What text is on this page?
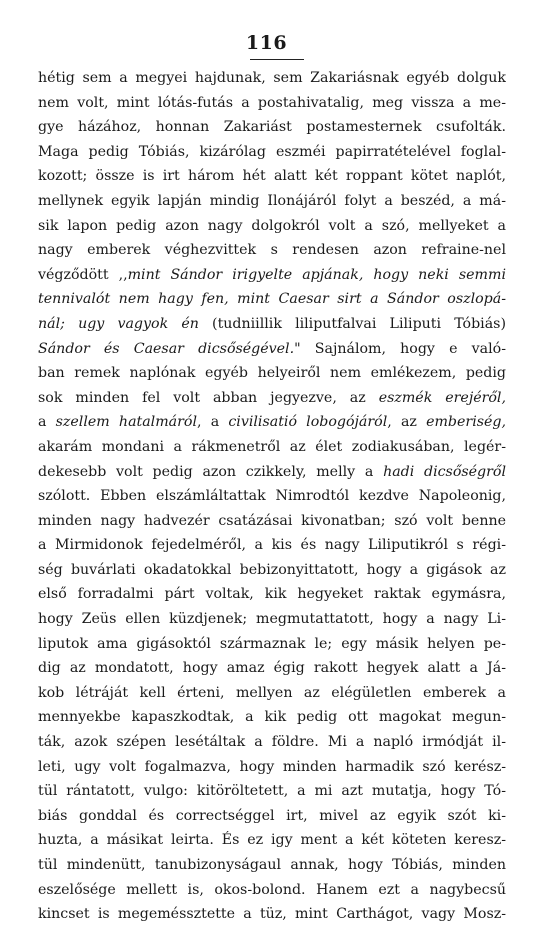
116
hétig sem a megyei hajdunak, sem Zakariásnak egyéb dolguk
nem volt, mint lótás-futás a postahivatalig, meg vissza a me-
gye házához, honnan Zakariást postamesternek csufolták.
Maga pedig Tóbiás, kizárólag eszméi papirratételével foglal-
kozott; össze is irt három hét alatt két roppant kötet naplót,
mellynek egyik lapján mindig Ilonájáról folyt a beszéd, a má-
sik lapon pedig azon nagy dolgokról volt a szó, mellyeket a
nagy emberek véghezvittek s rendesen azon refraine-nel
végződött ,,mint Sándor irigyelte apjának, hogy neki semmi
tennivalót nem hagy fen, mint Caesar sirt a Sándor oszlopá-
nál; ugy vagyok én (tudniillik liliputfalvai Liliputi Tóbiás)
Sándor és Caesar dicsőségével." Sajnálom, hogy e való-
ban remek naplónak egyéb helyeiről nem emlékezem, pedig
sok minden fel volt abban jegyezve, az eszmék erejéről,
a szellem hatalmáról, a civilisatió lobogójáról, az emberiség,
akarám mondani a rákmenetről az élet zodiakusában, legér-
dekesebb volt pedig azon czikkely, melly a hadi dicsőségről
szólott. Ebben elszámláltattak Nimrodtól kezdve Napoleonig,
minden nagy hadvezér csatázásai kivonatban; szó volt benne
a Mirmidonok fejedelméről, a kis és nagy Liliputikról s régi-
ség buvárlati okadatokkal bebizonyittatott, hogy a gigások az
első forradalmi párt voltak, kik hegyeket raktak egymásra,
hogy Zeüs ellen küzdjenek; megmutattatott, hogy a nagy Li-
liputok ama gigásoktól származnak le; egy másik helyen pe-
dig az mondatott, hogy amaz égig rakott hegyek alatt a Já-
kob létráját kell érteni, mellyen az elégületlen emberek a
mennyekbe kapaszkodtak, a kik pedig ott magokat megun-
ták, azok szépen lesétáltak a földre. Mi a napló irmódját il-
leti, ugy volt fogalmazva, hogy minden harmadik szó kerész-
tül rántatott, vulgo: kitöröltetett, a mi azt mutatja, hogy Tó-
biás gonddal és correctséggel irt, mivel az egyik szót ki-
huzta, a másikat leirta. És ez igy ment a két köteten keresz-
tül mindenütt, tanubizonyságaul annak, hogy Tóbiás, minden
eszelősége mellett is, okos-bolond. Hanem ezt a nagybecsű
kincset is megeméssztette a tüz, mint Carthágot, vagy Mosz-
